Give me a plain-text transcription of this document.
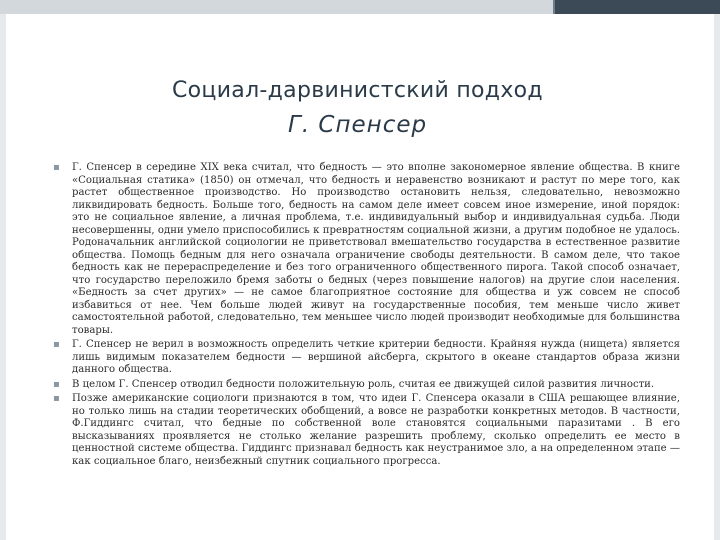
Социал-дарвинистский подход
Г. Спенсер
▪ Г. Спенсер в середине XIX века считал, что бедность — это вполне закономерное явление общества. В книге «Социальная статика» (1850) он отмечал, что бедность и неравенство возникают и растут по мере того, как растет общественное производство. Но производство остановить нельзя, следовательно, невозможно ликвидировать бедность. Больше того, бедность на самом деле имеет совсем иное измерение, иной порядок: это не социальное явление, а личная проблема, т.е. индивидуальный выбор и индивидуальная судьба. Люди несовершенны, одни умело приспособились к превратностям социальной жизни, а другим подобное не удалось. Родоначальник английской социологии не приветствовал вмешательство государства в естественное развитие общества. Помощь бедным для него означала ограничение свободы деятельности. В самом деле, что такое бедность как не перераспределение и без того ограниченного общественного пирога. Такой способ означает, что государство переложило бремя заботы о бедных (через повышение налогов) на другие слои населения. «Бедность за счет других» — не самое благоприятное состояние для общества и уж совсем не способ избавиться от нее. Чем больше людей живут на государственные пособия, тем меньше число живет самостоятельной работой, следовательно, тем меньшее число людей производит необходимые для большинства товары.
▪ Г. Спенсер не верил в возможность определить четкие критерии бедности. Крайняя нужда (нищета) является лишь видимым показателем бедности — вершиной айсберга, скрытого в океане стандартов образа жизни данного общества.
▪ В целом Г. Спенсер отводил бедности положительную роль, считая ее движущей силой развития личности.
▪ Позже американские социологи признаются в том, что идеи Г. Спенсера оказали в США решающее влияние, но только лишь на стадии теоретических обобщений, а вовсе не разработки конкретных методов. В частности, Ф.Гиддингс считал, что бедные по собственной воле становятся социальными паразитами . В его высказываниях проявляется не столько желание разрешить проблему, сколько определить ее место в ценностной системе общества. Гиддингс признавал бедность как неустранимое зло, а на определенном этапе — как социальное благо, неизбежный спутник социального прогресса.
